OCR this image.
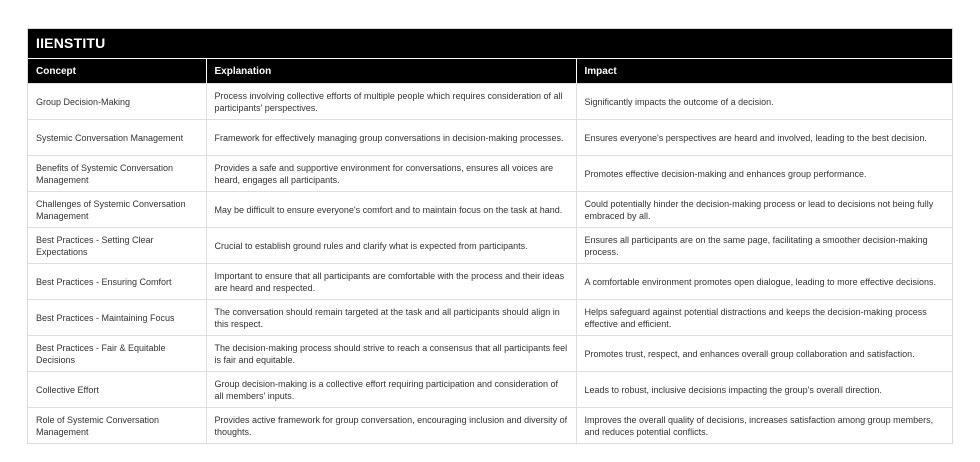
IIENSTITU
Concept	Explanation	Impact
Group Decision-Making	Process involving collective efforts of multiple people which requires consideration of all participants' perspectives.	Significantly impacts the outcome of a decision.
Systemic Conversation Management	Framework for effectively managing group conversations in decision-making processes.	Ensures everyone's perspectives are heard and involved, leading to the best decision.
Benefits of Systemic Conversation Management	Provides a safe and supportive environment for conversations, ensures all voices are heard, engages all participants.	Promotes effective decision-making and enhances group performance.
Challenges of Systemic Conversation Management	May be difficult to ensure everyone's comfort and to maintain focus on the task at hand.	Could potentially hinder the decision-making process or lead to decisions not being fully embraced by all.
Best Practices - Setting Clear Expectations	Crucial to establish ground rules and clarify what is expected from participants.	Ensures all participants are on the same page, facilitating a smoother decision-making process.
Best Practices - Ensuring Comfort	Important to ensure that all participants are comfortable with the process and their ideas are heard and respected.	A comfortable environment promotes open dialogue, leading to more effective decisions.
Best Practices - Maintaining Focus	The conversation should remain targeted at the task and all participants should align in this respect.	Helps safeguard against potential distractions and keeps the decision-making process effective and efficient.
Best Practices - Fair & Equitable Decisions	The decision-making process should strive to reach a consensus that all participants feel is fair and equitable.	Promotes trust, respect, and enhances overall group collaboration and satisfaction.
Collective Effort	Group decision-making is a collective effort requiring participation and consideration of all members' inputs.	Leads to robust, inclusive decisions impacting the group's overall direction.
Role of Systemic Conversation Management	Provides active framework for group conversation, encouraging inclusion and diversity of thoughts.	Improves the overall quality of decisions, increases satisfaction among group members, and reduces potential conflicts.
